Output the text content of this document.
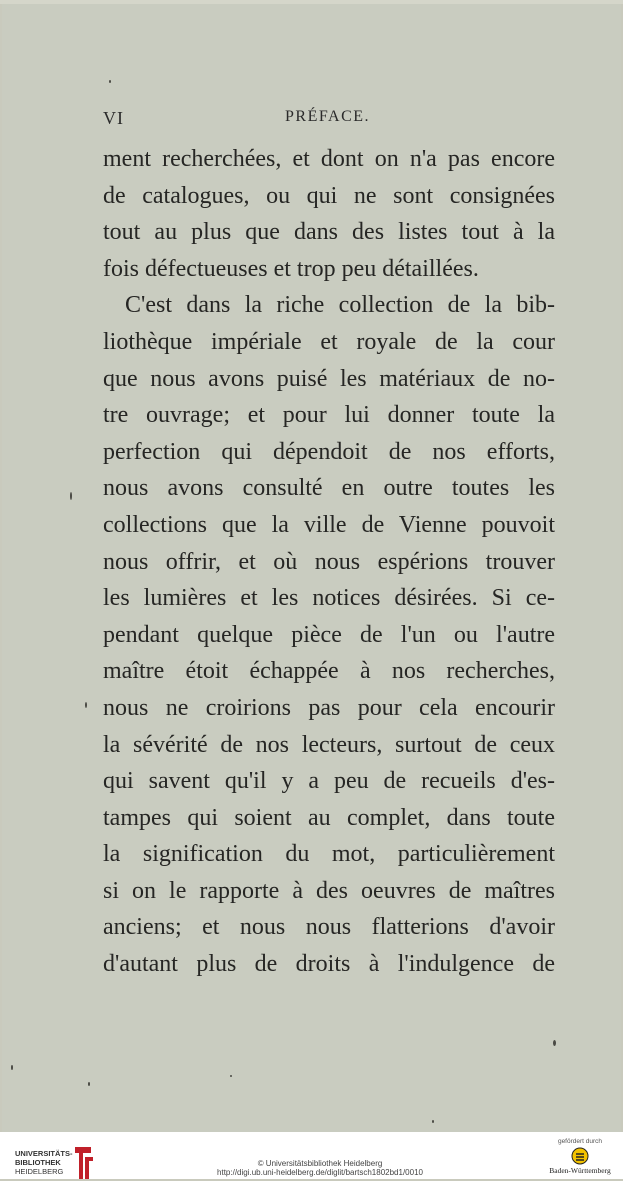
VI	PRÉFACE.
ment recherchées, et dont on n'a pas encore
de catalogues, ou qui ne sont consignées
tout au plus que dans des listes tout à la
fois défectueuses et trop peu détaillées.
C'est dans la riche collection de la bib-
liothèque impériale et royale de la cour
que nous avons puisé les matériaux de no-
tre ouvrage; et pour lui donner toute la
perfection qui dépendoit de nos efforts,
nous avons consulté en outre toutes les
collections que la ville de Vienne pouvoit
nous offrir, et où nous espérions trouver
les lumières et les notices désirées. Si ce-
pendant quelque pièce de l'un ou l'autre
maître étoit échappée à nos recherches,
nous ne croirions pas pour cela encourir
la sévérité de nos lecteurs, surtout de ceux
qui savent qu'il y a peu de recueils d'es-
tampes qui soient au complet, dans toute
la signification du mot, particulièrement
si on le rapporte à des oeuvres de maîtres
anciens; et nous nous flatterions d'avoir
d'autant plus de droits à l'indulgence de
UNIVERSITÄTS-
BIBLIOTHEK
HEIDELBERG
© Universitätsbibliothek Heidelberg
http://digi.ub.uni-heidelberg.de/diglit/bartsch1802bd1/0010
gefördert durch
Baden-Württemberg
